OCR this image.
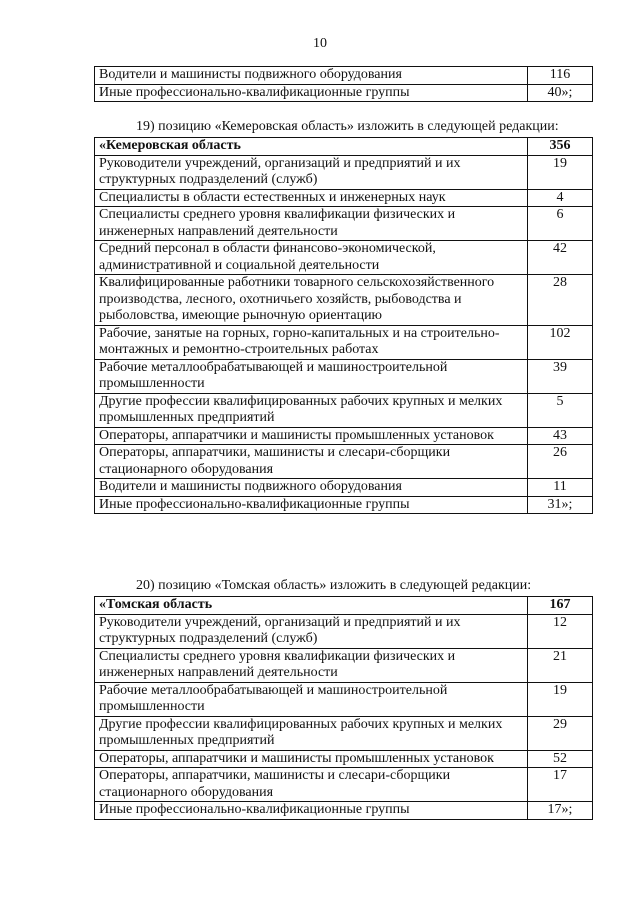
10
Водители и машинисты подвижного оборудования	116
Иные профессионально-квалификационные группы	40»;
19) позицию «Кемеровская область» изложить в следующей редакции:
«Кемеровская область	356
Руководители учреждений, организаций и предприятий и их структурных подразделений (служб)	19
Специалисты в области естественных и инженерных наук	4
Специалисты среднего уровня квалификации физических и инженерных направлений деятельности	6
Средний персонал в области финансово-экономической, административной и социальной деятельности	42
Квалифицированные работники товарного сельскохозяйственного производства, лесного, охотничьего хозяйств, рыбоводства и рыболовства, имеющие рыночную ориентацию	28
Рабочие, занятые на горных, горно-капитальных и на строительно-монтажных и ремонтно-строительных работах	102
Рабочие металлообрабатывающей и машиностроительной промышленности	39
Другие профессии квалифицированных рабочих крупных и мелких промышленных предприятий	5
Операторы, аппаратчики и машинисты промышленных установок	43
Операторы, аппаратчики, машинисты и слесари-сборщики стационарного оборудования	26
Водители и машинисты подвижного оборудования	11
Иные профессионально-квалификационные группы	31»;
20) позицию «Томская область» изложить в следующей редакции:
«Томская область	167
Руководители учреждений, организаций и предприятий и их структурных подразделений (служб)	12
Специалисты среднего уровня квалификации физических и инженерных направлений деятельности	21
Рабочие металлообрабатывающей и машиностроительной промышленности	19
Другие профессии квалифицированных рабочих крупных и мелких промышленных предприятий	29
Операторы, аппаратчики и машинисты промышленных установок	52
Операторы, аппаратчики, машинисты и слесари-сборщики стационарного оборудования	17
Иные профессионально-квалификационные группы	17»;
